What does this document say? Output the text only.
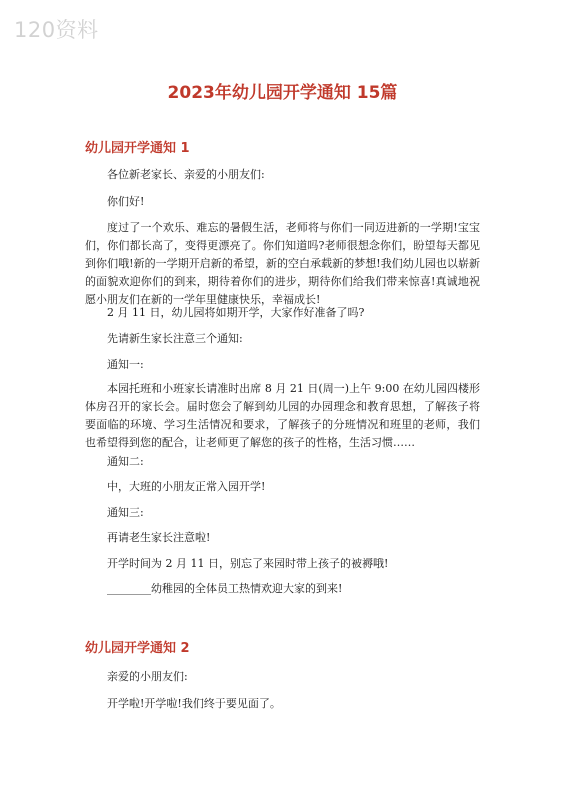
120资料
2023年幼儿园开学通知 15篇
幼儿园开学通知 1

各位新老家长、亲爱的小朋友们:

你们好!

度过了一个欢乐、难忘的暑假生活，老师将与你们一同迈进新的一学期!宝宝们，你们都长高了，变得更漂亮了。你们知道吗?老师很想念你们，盼望每天都见到你们哦!新的一学期开启新的希望，新的空白承载新的梦想!我们幼儿园也以崭新的面貌欢迎你们的到来，期待着你们的进步，期待你们给我们带来惊喜!真诚地祝愿小朋友们在新的一学年里健康快乐，幸福成长!

2 月 11 日，幼儿园将如期开学，大家作好准备了吗?

先请新生家长注意三个通知:

通知一:

本园托班和小班家长请准时出席 8 月 21 日(周一)上午 9:00 在幼儿园四楼形体房召开的家长会。届时您会了解到幼儿园的办园理念和教育思想，了解孩子将要面临的环境、学习生活情况和要求，了解孩子的分班情况和班里的老师，我们也希望得到您的配合，让老师更了解您的孩子的性格，生活习惯……

通知二:

中，大班的小朋友正常入园开学!

通知三:

再请老生家长注意啦!

开学时间为 2 月 11 日，别忘了来园时带上孩子的被褥哦!

________幼稚园的全体员工热情欢迎大家的到来!

幼儿园开学通知 2

亲爱的小朋友们:

开学啦!开学啦!我们终于要见面了。
